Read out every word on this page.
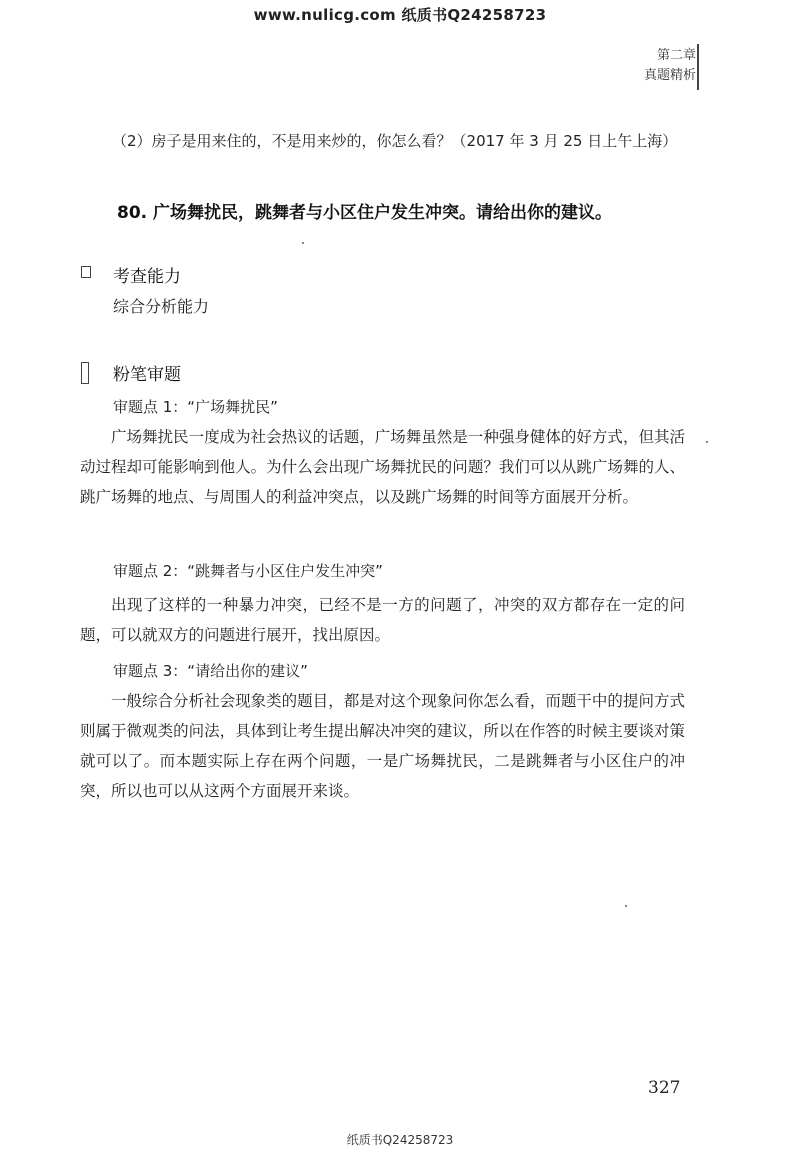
www.nulicg.com 纸质书Q24258723
第二章
真题精析
（2）房子是用来住的，不是用来炒的，你怎么看？（2017 年 3 月 25 日上午上海）
80. 广场舞扰民，跳舞者与小区住户发生冲突。请给出你的建议。
考查能力
综合分析能力
粉笔审题
审题点 1：“广场舞扰民”
广场舞扰民一度成为社会热议的话题，广场舞虽然是一种强身健体的好方式，但其活动过程却可能影响到他人。为什么会出现广场舞扰民的问题？我们可以从跳广场舞的人、跳广场舞的地点、与周围人的利益冲突点，以及跳广场舞的时间等方面展开分析。
审题点 2：“跳舞者与小区住户发生冲突”
出现了这样的一种暴力冲突，已经不是一方的问题了，冲突的双方都存在一定的问题，可以就双方的问题进行展开，找出原因。
审题点 3：“请给出你的建议”
一般综合分析社会现象类的题目，都是对这个现象问你怎么看，而题干中的提问方式则属于微观类的问法，具体到让考生提出解决冲突的建议，所以在作答的时候主要谈对策就可以了。而本题实际上存在两个问题，一是广场舞扰民，二是跳舞者与小区住户的冲突，所以也可以从这两个方面展开来谈。
327
纸质书Q24258723
